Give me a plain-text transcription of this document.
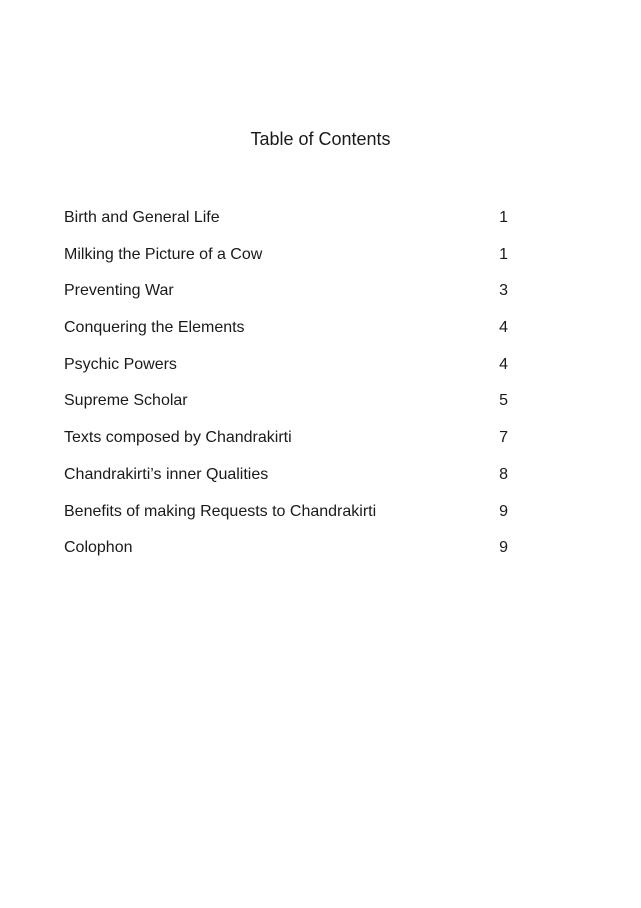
Table of Contents
Birth and General Life	1
Milking the Picture of a Cow	1
Preventing War	3
Conquering the Elements	4
Psychic Powers	4
Supreme Scholar	5
Texts composed by Chandrakirti	7
Chandrakirti’s inner Qualities	8
Benefits of making Requests to Chandrakirti	9
Colophon	9
